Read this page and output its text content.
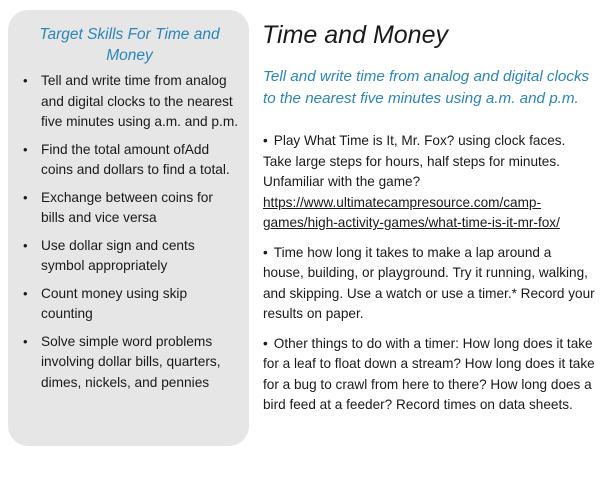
Target Skills For Time and Money
• Tell and write time from analog and digital clocks to the nearest five minutes using a.m. and p.m.
• Find the total amount ofAdd coins and dollars to find a total.
• Exchange between coins for bills and vice versa
• Use dollar sign and cents symbol appropriately
• Count money using skip counting
• Solve simple word problems involving dollar bills, quarters, dimes, nickels, and pennies
Time and Money
Tell and write time from analog and digital clocks to the nearest five minutes using a.m. and p.m.

• Play What Time is It, Mr. Fox? using clock faces. Take large steps for hours, half steps for minutes. Unfamiliar with the game?https://www.ultimatecampresource.com/camp-games/high-activity-games/what-time-is-it-mr-fox/

• Time how long it takes to make a lap around a house, building, or playground. Try it running, walking, and skipping. Use a watch or use a timer.* Record your results on paper.

• Other things to do with a timer: How long does it take for a leaf to float down a stream? How long does it take for a bug to crawl from here to there? How long does a bird feed at a feeder? Record times on data sheets.
